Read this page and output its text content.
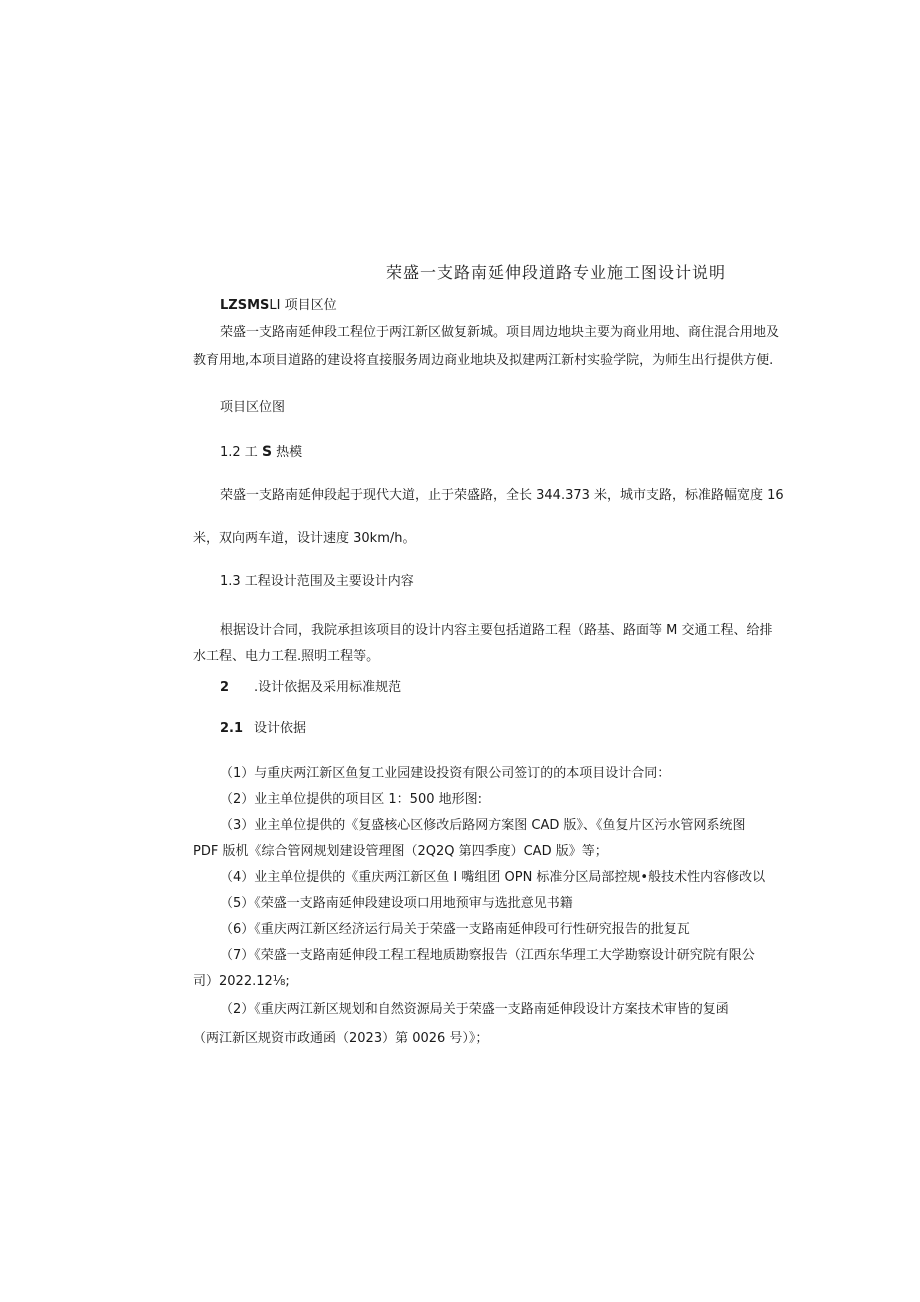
荣盛一支路南延伸段道路专业施工图设计说明
LZSMSLI 项目区位
荣盛一支路南延伸段工程位于两江新区做复新城。项目周边地块主要为商业用地、商住混合用地及
教育用地,本项目道路的建设将直接服务周边商业地块及拟建两江新村实验学院，为师生出行提供方便.
项目区位图
1.2 工 S 热模
荣盛一支路南延伸段起于现代大道，止于荣盛路，全长 344.373 米，城市支路，标准路幅宽度 16
米，双向两车道，设计速度 30km/h。
1.3 工程设计范围及主要设计内容
根据设计合同，我院承担该项目的设计内容主要包括道路工程（路基、路面等 M 交通工程、给排
水工程、电力工程.照明工程等。
2 .设计依据及采用标准规范
2.1 设计依据
（1）与重庆两江新区鱼复工业园建设投资有限公司签订的的本项目设计合同：
（2）业主单位提供的项目区 1：500 地形图:
（3）业主单位提供的《复盛核心区修改后路网方案图 CAD 版》、《鱼复片区污水管网系统图
PDF 版机《综合管网规划建设管理图（2Q2Q 第四季度）CAD 版》等；
（4）业主单位提供的《重庆两江新区鱼 I 嘴组团 OPN 标准分区局部控规•般技术性内容修改以
（5）《荣盛一支路南延伸段建设项口用地预审与选批意见书籍
（6）《重庆两江新区经济运行局关于荣盛一支路南延伸段可行性研究报告的批复瓦
（7）《荣盛一支路南延伸段工程工程地质勘察报告（江西东华理工大学勘察设计研究院有限公
司）2022.12⅛;
（2）《重庆两江新区规划和自然资源局关于荣盛一支路南延伸段设计方案技术审皆的复函
（两江新区规资市政通函（2023）第 0026 号）》；
